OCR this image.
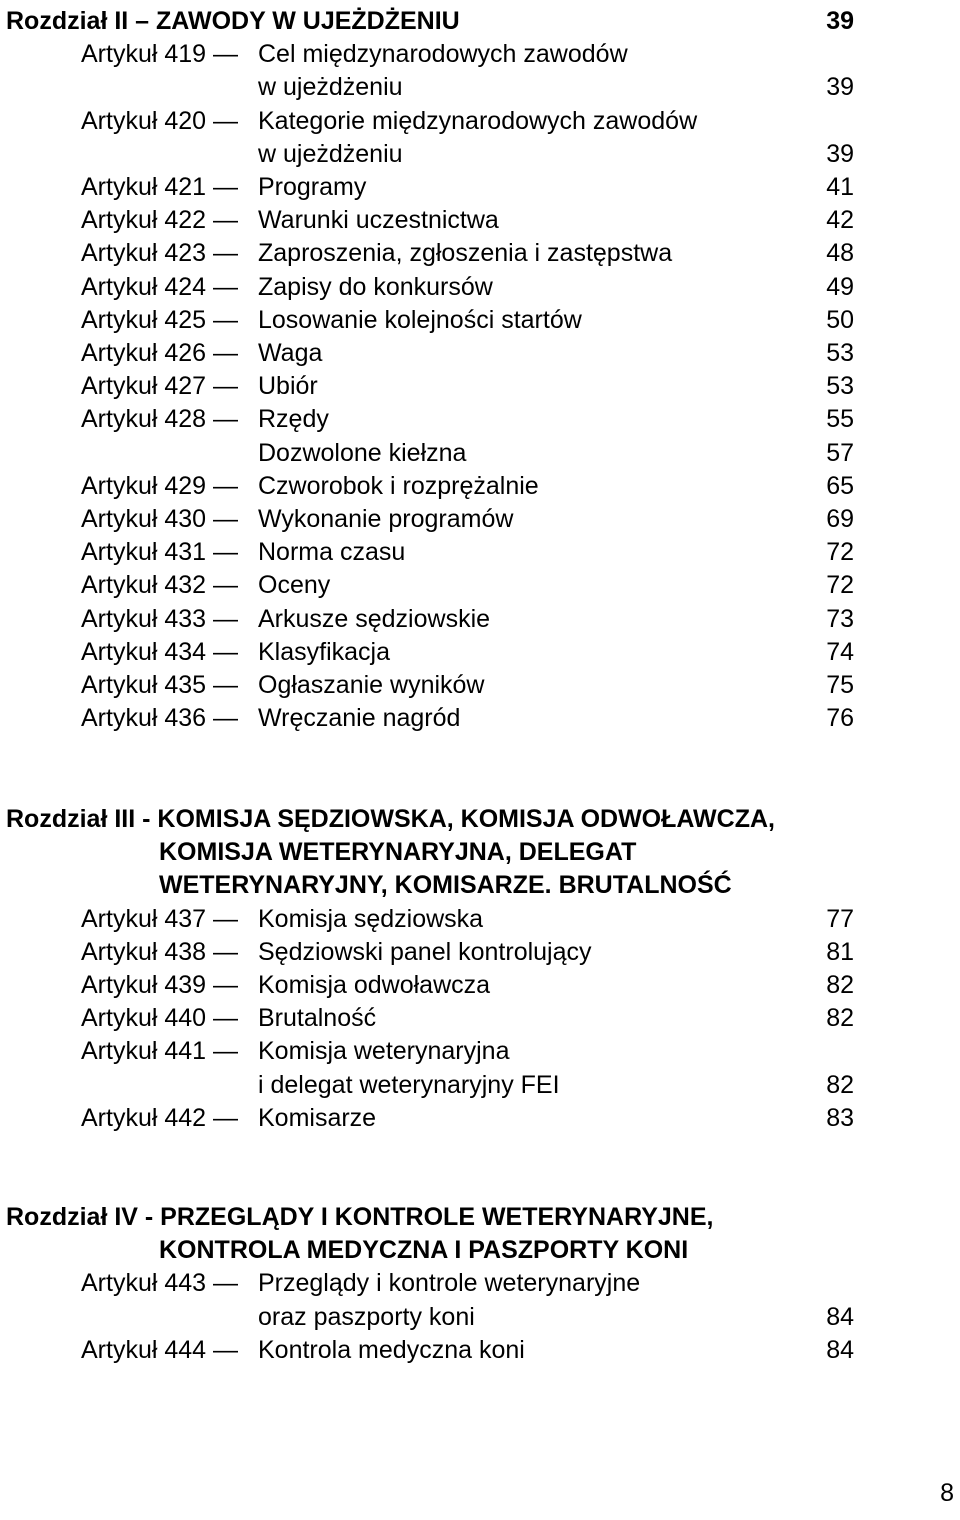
Rozdział II – ZAWODY W UJEŻDŻENIU	39
Artykuł 419 — Cel międzynarodowych zawodów
w ujeżdżeniu	39
Artykuł 420 — Kategorie międzynarodowych zawodów
w ujeżdżeniu	39
Artykuł 421 — Programy	41
Artykuł 422 — Warunki uczestnictwa	42
Artykuł 423 — Zaproszenia, zgłoszenia i zastępstwa	48
Artykuł 424 — Zapisy do konkursów	49
Artykuł 425 — Losowanie kolejności startów	50
Artykuł 426 — Waga	53
Artykuł 427 — Ubiór	53
Artykuł 428 — Rzędy	55
Dozwolone kiełzna	57
Artykuł 429 — Czworobok i rozprężalnie	65
Artykuł 430 — Wykonanie programów	69
Artykuł 431 — Norma czasu	72
Artykuł 432 — Oceny	72
Artykuł 433 — Arkusze sędziowskie	73
Artykuł 434 — Klasyfikacja	74
Artykuł 435 — Ogłaszanie wyników	75
Artykuł 436 — Wręczanie nagród	76
Rozdział III - KOMISJA SĘDZIOWSKA, KOMISJA ODWOŁAWCZA, KOMISJA WETERYNARYJNA, DELEGAT WETERYNARYJNY, KOMISARZE. BRUTALNOŚĆ
Artykuł 437 — Komisja sędziowska	77
Artykuł 438 — Sędziowski panel kontrolujący	81
Artykuł 439 — Komisja odwoławcza	82
Artykuł 440 — Brutalność	82
Artykuł 441 — Komisja weterynaryjna
i delegat weterynaryjny FEI	82
Artykuł 442 — Komisarze	83
Rozdział IV - PRZEGLĄDY I KONTROLE WETERYNARYJNE, KONTROLA MEDYCZNA I PASZPORTY KONI
Artykuł 443 — Przeglądy i kontrole weterynaryjne
oraz paszporty koni	84
Artykuł 444 — Kontrola medyczna koni	84
8
